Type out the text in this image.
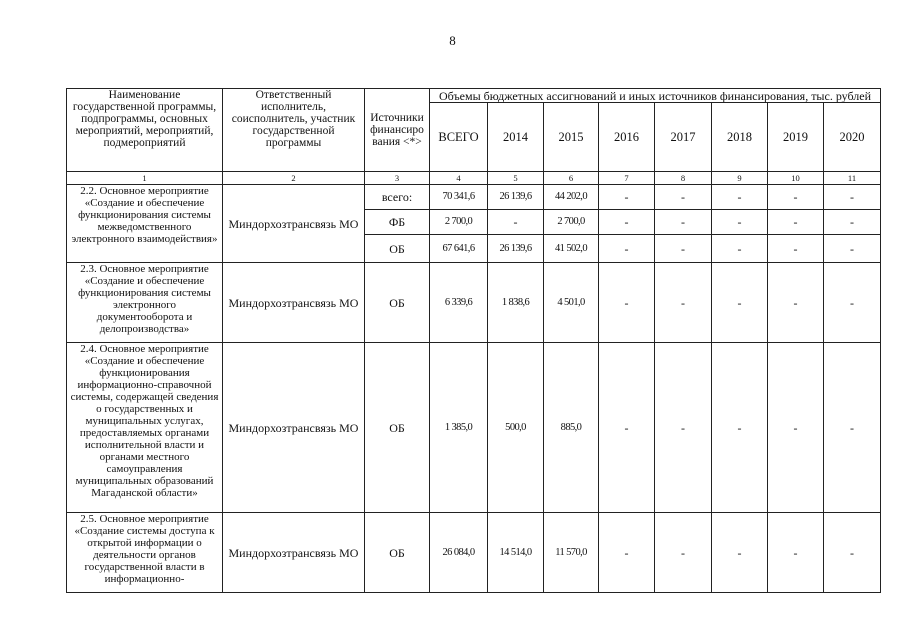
8
Наименование государственной программы, подпрограммы, основных мероприятий, мероприятий, подмероприятий	Ответственный исполнитель, соисполнитель, участник государственной программы	Источники финансиро вания <*>	Объемы бюджетных ассигнований и иных источников финансирования, тыс. рублей							
			ВСЕГО	2014	2015	2016	2017	2018	2019	2020
1	2	3	4	5	6	7	8	9	10	11
2.2. Основное мероприятие «Создание и обеспечение функционирования системы межведомственного электронного взаимодействия»	Миндорхозтрансвязь МО	всего:	70 341,6	26 139,6	44 202,0	-	-	-	-	-
		ФБ	2 700,0	-	2 700,0	-	-	-	-	-
		ОБ	67 641,6	26 139,6	41 502,0	-	-	-	-	-
2.3. Основное мероприятие «Создание и обеспечение функционирования системы электронного документооборота и делопроизводства»	Миндорхозтрансвязь МО	ОБ	6 339,6	1 838,6	4 501,0	-	-	-	-	-
2.4. Основное мероприятие «Создание и обеспечение функционирования информационно-справочной системы, содержащей сведения о государственных и муниципальных услугах, предоставляемых органами исполнительной власти и органами местного самоуправления муниципальных образований Магаданской области»	Миндорхозтрансвязь МО	ОБ	1 385,0	500,0	885,0	-	-	-	-	-
2.5. Основное мероприятие «Создание системы доступа к открытой информации о деятельности органов государственной власти в информационно-	Миндорхозтрансвязь МО	ОБ	26 084,0	14 514,0	11 570,0	-	-	-	-	-
